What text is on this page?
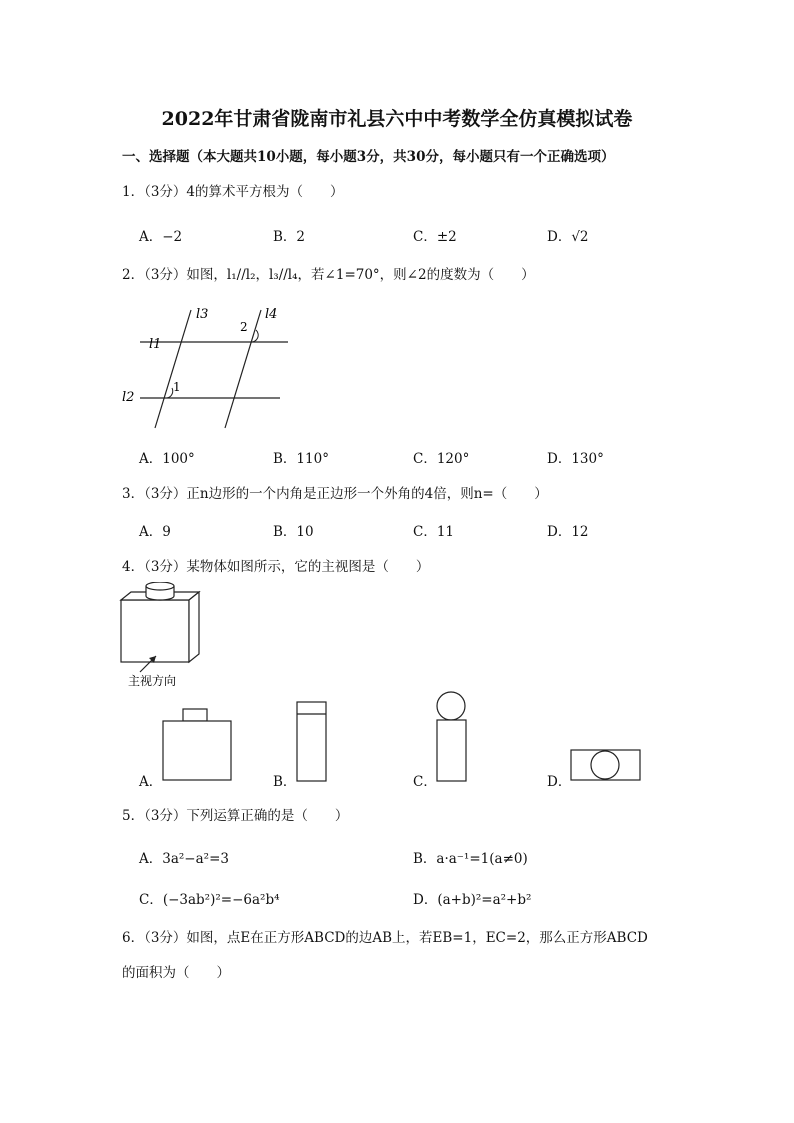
2022年甘肃省陇南市礼县六中中考数学全仿真模拟试卷
一、选择题（本大题共10小题，每小题3分，共30分，每小题只有一个正确选项）
1．（3分）4的算术平方根为（　　）
A．−2	B．2	C．±2	D．√2
2．（3分）如图，l₁//l₂，l₃//l₄，若∠1=70°，则∠2的度数为（　　）
l3	l4
l1
l2
1
2
A．100°	B．110°	C．120°	D．130°
3．（3分）正n边形的一个内角是正边形一个外角的4倍，则n=（　　）
A．9	B．10	C．11	D．12
4．（3分）某物体如图所示，它的主视图是（　　）
主视方向
A．	B．	C．	D．
5．（3分）下列运算正确的是（　　）
A．3a²−a²=3	B．a·a⁻¹=1(a≠0)
C．(−3ab²)²=−6a²b⁴	D．(a+b)²=a²+b²
6．（3分）如图，点E在正方形ABCD的边AB上，若EB=1，EC=2，那么正方形ABCD
的面积为（　　）
